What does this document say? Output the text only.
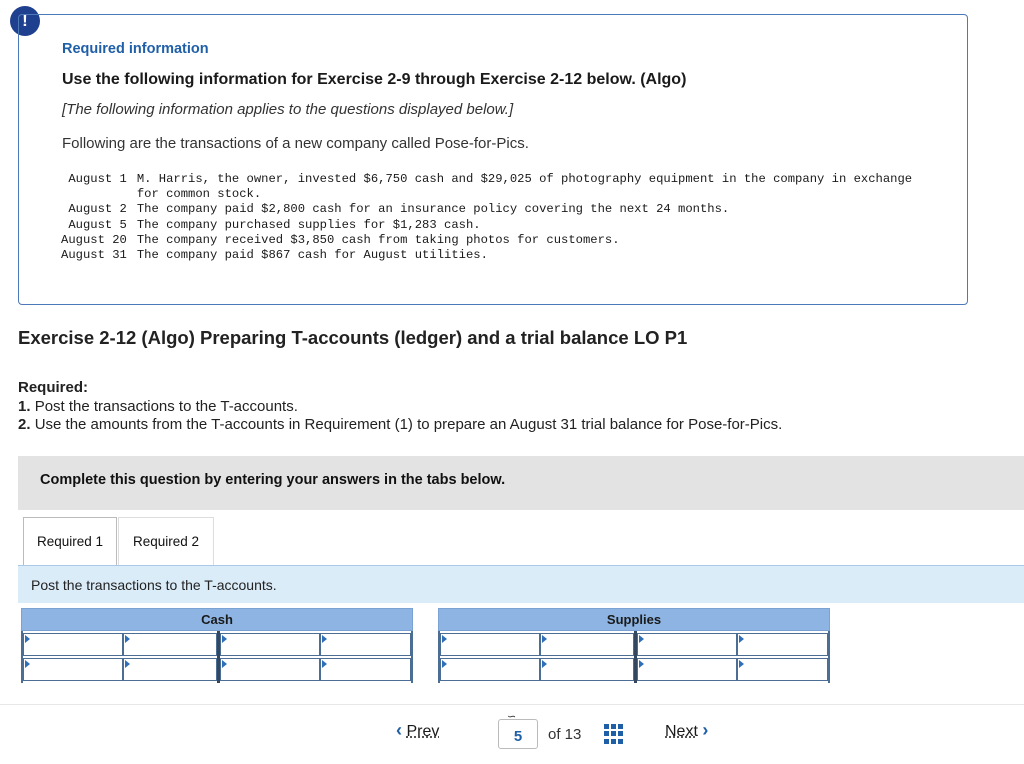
!
Required information
Use the following information for Exercise 2-9 through Exercise 2-12 below. (Algo)
[The following information applies to the questions displayed below.]
Following are the transactions of a new company called Pose-for-Pics.
August 1	M. Harris, the owner, invested $6,750 cash and $29,025 of photography equipment in the company in exchange for common stock.
August 2	The company paid $2,800 cash for an insurance policy covering the next 24 months.
August 5	The company purchased supplies for $1,283 cash.
August 20	The company received $3,850 cash from taking photos for customers.
August 31	The company paid $867 cash for August utilities.
Exercise 2-12 (Algo) Preparing T-accounts (ledger) and a trial balance LO P1
Required:
1. Post the transactions to the T-accounts.
2. Use the amounts from the T-accounts in Requirement (1) to prepare an August 31 trial balance for Pose-for-Pics.
Complete this question by entering your answers in the tabs below.
Required 1	Required 2
Post the transactions to the T-accounts.
Cash	Supplies
‹ Prev
∽
5	of 13	Next ›
